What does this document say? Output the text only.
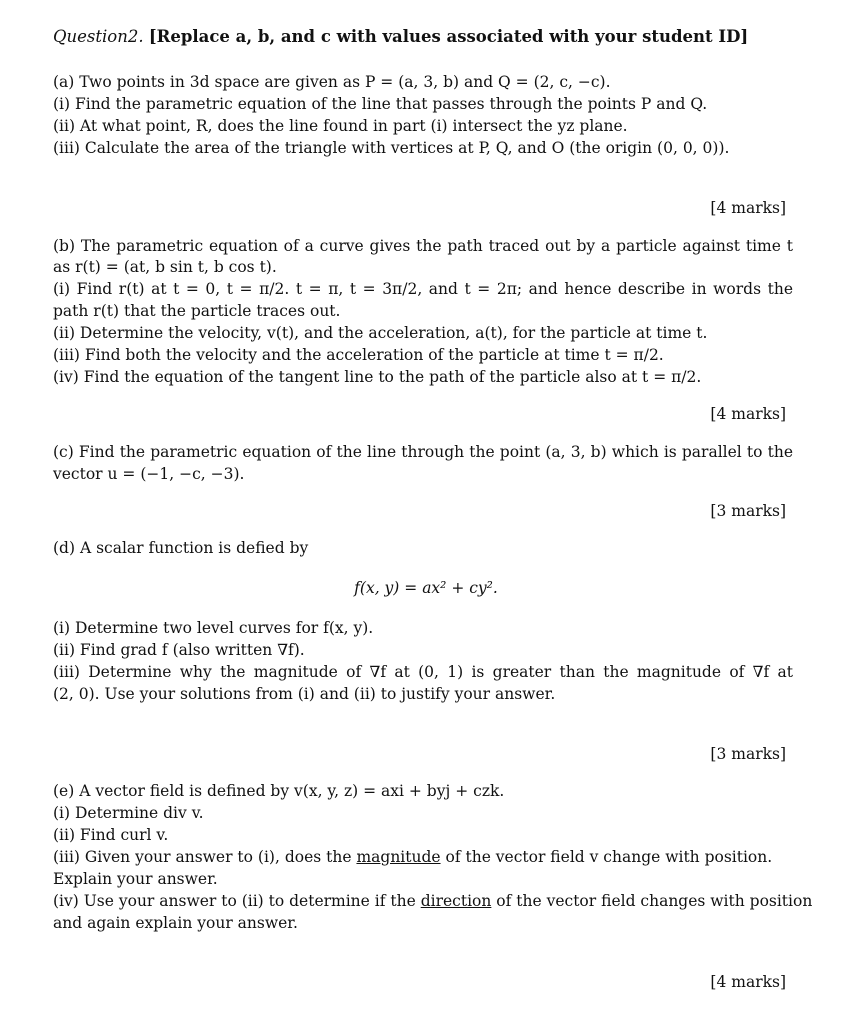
Question2. [Replace a, b, and c with values associated with your student ID]
(a) Two points in 3d space are given as P = (a, 3, b) and Q = (2, c, −c).
(i) Find the parametric equation of the line that passes through the points P and Q.
(ii) At what point, R, does the line found in part (i) intersect the yz plane.
(iii) Calculate the area of the triangle with vertices at P, Q, and O (the origin (0, 0, 0)).
[4 marks]
(b) The parametric equation of a curve gives the path traced out by a particle against time t
as r(t) = (at, b sin t, b cos t).
(i) Find r(t) at t = 0, t = π/2. t = π, t = 3π/2, and t = 2π; and hence describe in words the
path r(t) that the particle traces out.
(ii) Determine the velocity, v(t), and the acceleration, a(t), for the particle at time t.
(iii) Find both the velocity and the acceleration of the particle at time t = π/2.
(iv) Find the equation of the tangent line to the path of the particle also at t = π/2.
[4 marks]
(c) Find the parametric equation of the line through the point (a, 3, b) which is parallel to the
vector u = (−1, −c, −3).
[3 marks]
(d) A scalar function is defied by
f(x, y) = ax² + cy².
(i) Determine two level curves for f(x, y).
(ii) Find grad f (also written ∇f).
(iii) Determine why the magnitude of ∇f at (0, 1) is greater than the magnitude of ∇f at
(2, 0). Use your solutions from (i) and (ii) to justify your answer.
[3 marks]
(e) A vector field is defined by v(x, y, z) = axi + byj + czk.
(i) Determine div v.
(ii) Find curl v.
(iii) Given your answer to (i), does the magnitude of the vector field v change with position.
Explain your answer.
(iv) Use your answer to (ii) to determine if the direction of the vector field changes with position
and again explain your answer.
[4 marks]
